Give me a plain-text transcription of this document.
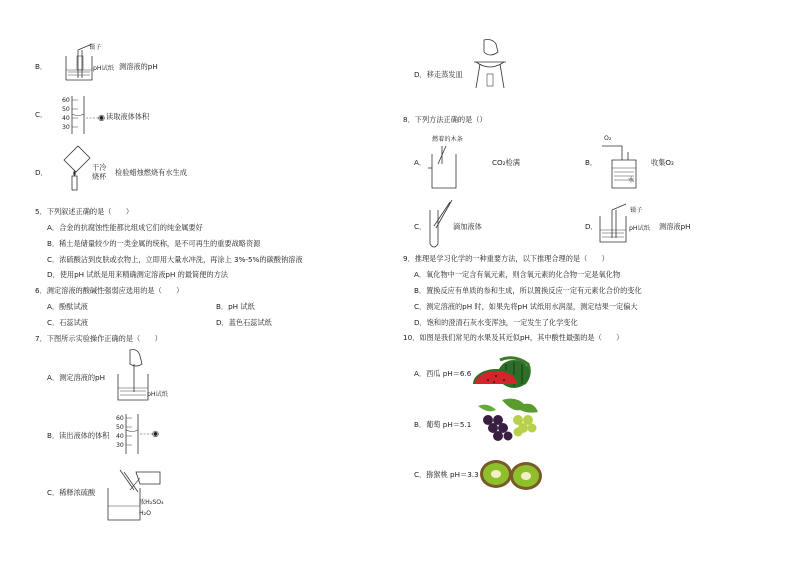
B．
镊子
pH试纸 测溶液的pH
C．
60
50
40
30
◉ 读取液体体积
D．
干冷
烧杯 检验蜡烛燃烧有水生成
5．下列叙述正确的是（　　）
A．合金的抗腐蚀性能都比组成它们的纯金属要好
B．稀土是储量较少的一类金属的统称，是不可再生的重要战略资源
C．浓硫酸沾到皮肤或衣物上，立即用大量水冲洗，再涂上 3%-5%的碳酸钠溶液
D．使用pH 试纸是用来精确测定溶液pH 的最简便的方法
6．测定溶液的酸碱性强弱应选用的是（　　）
A．酚酞试液	B．pH 试纸
C．石蕊试液	D．蓝色石蕊试纸
7．下图所示实验操作正确的是（　　）
A．测定溶液的pH
pH试纸
60
50
40
30
◉
B．读出液体的体积
C．稀释浓硫酸
浓H₂SO₄
H₂O
D．移走蒸发皿
8．下列方法正确的是（）
燃着的木条
A．	CO₂检满
O₂
B．	收集O₂
水
C．	滴加液体
镊子
D．	pH试纸 测溶液pH
9．推理是学习化学的一种重要方法，以下推理合理的是（　　）
A．氧化物中一定含有氧元素，则含氧元素的化合物一定是氧化物
B．置换反应有单质的参和生成，所以置换反应一定有元素化合价的变化
C．测定溶液的pH 时，如果先将pH 试纸用水润湿，测定结果一定偏大
D．饱和的澄清石灰水变浑浊，一定发生了化学变化
10．如图是我们常见的水果及其近似pH，其中酸性最强的是（　　）
A．西瓜 pH＝6.6
B．葡萄 pH＝5.1
C．猕猴桃 pH＝3.3
